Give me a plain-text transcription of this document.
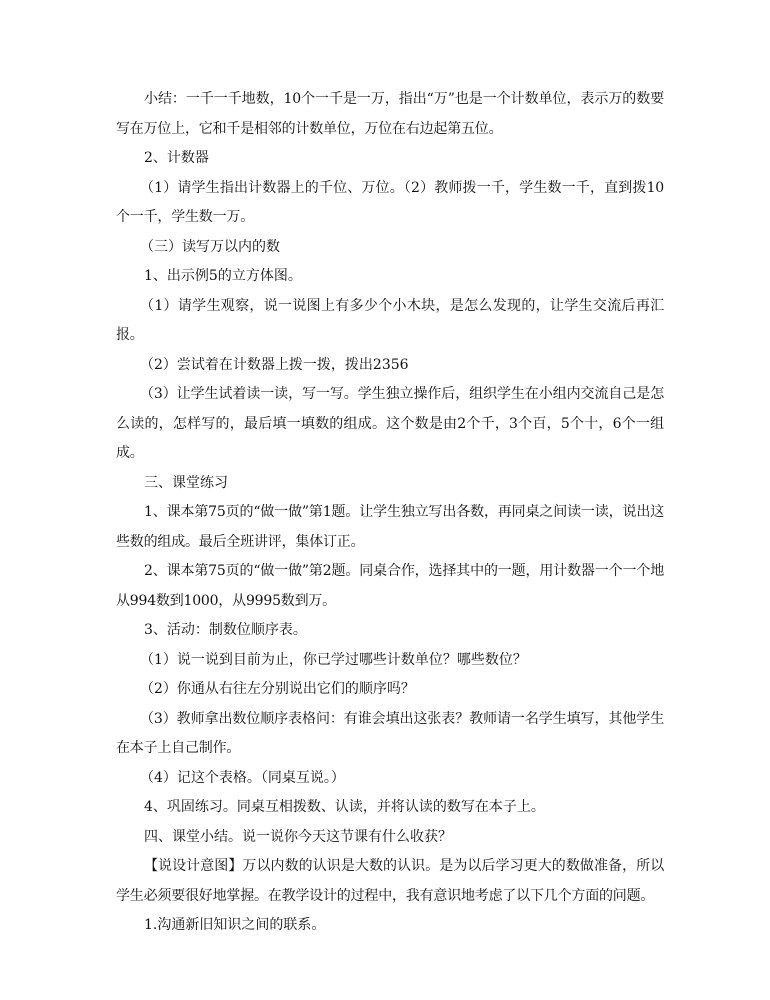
小结：一千一千地数，10个一千是一万，指出“万”也是一个计数单位，表示万的数要写在万位上，它和千是相邻的计数单位，万位在右边起第五位。

2、计数器

（1）请学生指出计数器上的千位、万位。（2）教师拨一千，学生数一千，直到拨10个一千，学生数一万。

（三）读写万以内的数

1、出示例5的立方体图。

（1）请学生观察，说一说图上有多少个小木块，是怎么发现的，让学生交流后再汇报。

（2）尝试着在计数器上拨一拨，拨出2356

（3）让学生试着读一读，写一写。学生独立操作后，组织学生在小组内交流自己是怎么读的，怎样写的，最后填一填数的组成。这个数是由2个千，3个百，5个十，6个一组成。

三、课堂练习

1、课本第75页的“做一做”第1题。让学生独立写出各数，再同桌之间读一读，说出这些数的组成。最后全班讲评，集体订正。

2、课本第75页的“做一做”第2题。同桌合作，选择其中的一题，用计数器一个一个地从994数到1000，从9995数到万。

3、活动：制数位顺序表。

（1）说一说到目前为止，你已学过哪些计数单位？哪些数位？

（2）你通从右往左分别说出它们的顺序吗？

（3）教师拿出数位顺序表格问：有谁会填出这张表？教师请一名学生填写，其他学生在本子上自己制作。

（4）记这个表格。（同桌互说。）

4、巩固练习。同桌互相拨数、认读，并将认读的数写在本子上。

四、课堂小结。说一说你今天这节课有什么收获？

【说设计意图】万以内数的认识是大数的认识。是为以后学习更大的数做准备，所以学生必须要很好地掌握。在教学设计的过程中，我有意识地考虑了以下几个方面的问题。

1.沟通新旧知识之间的联系。
